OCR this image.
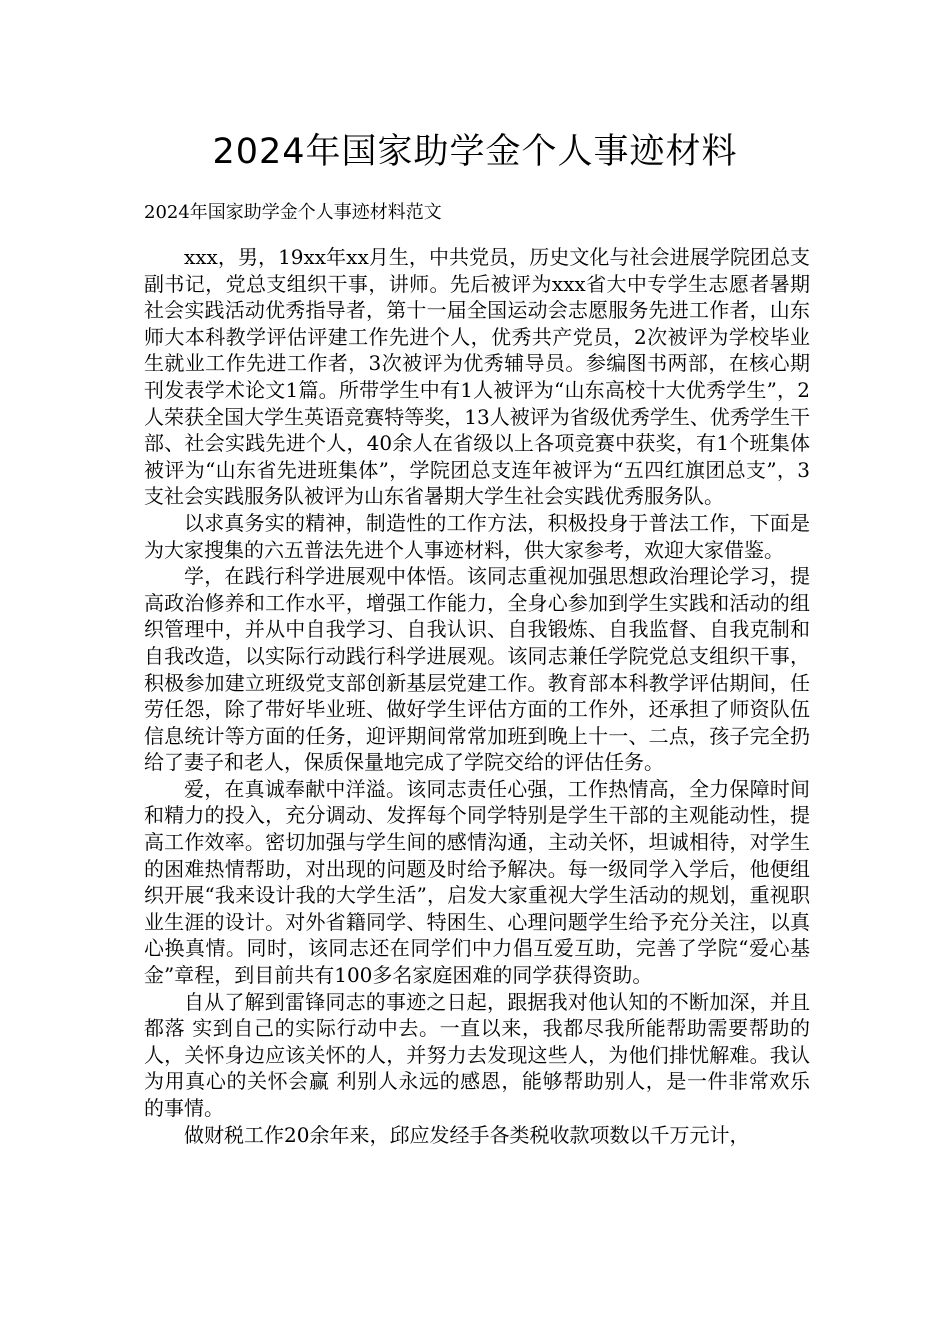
2024年国家助学金个人事迹材料

2024年国家助学金个人事迹材料范文

xxx，男，19xx年xx月生，中共党员，历史文化与社会进展学院团总支副书记，党总支组织干事，讲师。先后被评为xxx省大中专学生志愿者暑期社会实践活动优秀指导者，第十一届全国运动会志愿服务先进工作者，山东师大本科教学评估评建工作先进个人，优秀共产党员，2次被评为学校毕业生就业工作先进工作者，3次被评为优秀辅导员。参编图书两部，在核心期刊发表学术论文1篇。所带学生中有1人被评为“山东高校十大优秀学生”，2人荣获全国大学生英语竞赛特等奖，13人被评为省级优秀学生、优秀学生干部、社会实践先进个人，40余人在省级以上各项竞赛中获奖，有1个班集体被评为“山东省先进班集体”，学院团总支连年被评为“五四红旗团总支”，3支社会实践服务队被评为山东省暑期大学生社会实践优秀服务队。

以求真务实的精神，制造性的工作方法，积极投身于普法工作，下面是为大家搜集的六五普法先进个人事迹材料，供大家参考，欢迎大家借鉴。

学，在践行科学进展观中体悟。该同志重视加强思想政治理论学习，提高政治修养和工作水平，增强工作能力，全身心参加到学生实践和活动的组织管理中，并从中自我学习、自我认识、自我锻炼、自我监督、自我克制和自我改造，以实际行动践行科学进展观。该同志兼任学院党总支组织干事，积极参加建立班级党支部创新基层党建工作。教育部本科教学评估期间，任劳任怨，除了带好毕业班、做好学生评估方面的工作外，还承担了师资队伍信息统计等方面的任务，迎评期间常常加班到晚上十一、二点，孩子完全扔给了妻子和老人，保质保量地完成了学院交给的评估任务。

爱，在真诚奉献中洋溢。该同志责任心强，工作热情高，全力保障时间和精力的投入，充分调动、发挥每个同学特别是学生干部的主观能动性，提高工作效率。密切加强与学生间的感情沟通，主动关怀，坦诚相待，对学生的困难热情帮助，对出现的问题及时给予解决。每一级同学入学后，他便组织开展“我来设计我的大学生活”，启发大家重视大学生活动的规划，重视职业生涯的设计。对外省籍同学、特困生、心理问题学生给予充分关注，以真心换真情。同时，该同志还在同学们中力倡互爱互助，完善了学院“爱心基金”章程，到目前共有100多名家庭困难的同学获得资助。

自从了解到雷锋同志的事迹之日起，跟据我对他认知的不断加深，并且都落 实到自己的实际行动中去。一直以来，我都尽我所能帮助需要帮助的人，关怀身边应该关怀的人，并努力去发现这些人，为他们排忧解难。我认为用真心的关怀会赢 利别人永远的感恩，能够帮助别人，是一件非常欢乐的事情。

做财税工作20余年来，邱应发经手各类税收款项数以千万元计，
